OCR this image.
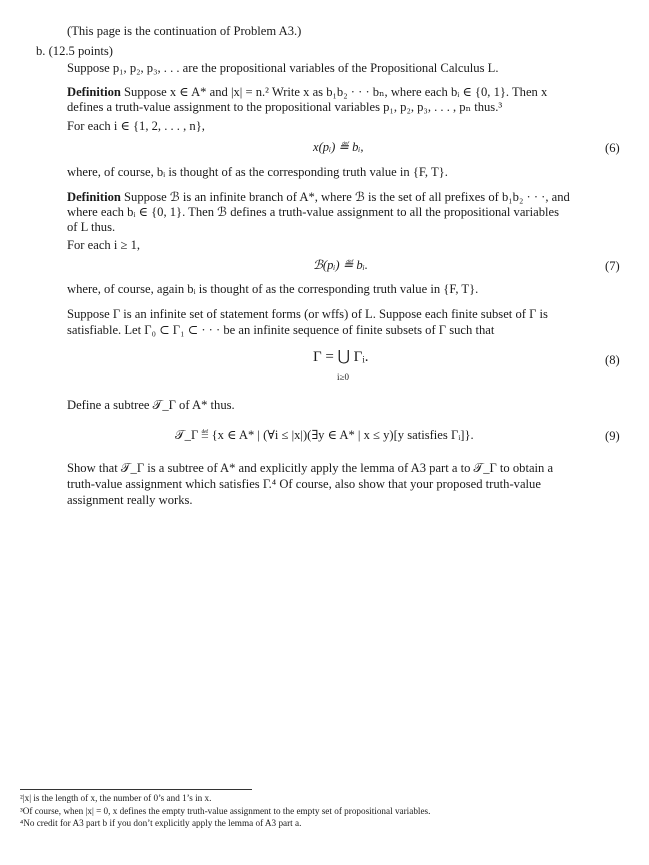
(This page is the continuation of Problem A3.)
b. (12.5 points)
Suppose p₁, p₂, p₃, . . . are the propositional variables of the Propositional Calculus L.
Definition Suppose x ∈ A* and |x| = n.² Write x as b₁b₂ · · · bₙ, where each bᵢ ∈ {0, 1}. Then x
defines a truth-value assignment to the propositional variables p₁, p₂, p₃, . . . , pₙ thus.³
For each i ∈ {1, 2, . . . , n},
x(pᵢ) ≝ bᵢ,	(6)
where, of course, bᵢ is thought of as the corresponding truth value in {F, T}.
Definition Suppose ℬ is an infinite branch of A*, where ℬ is the set of all prefixes of b₁b₂ · · ·, and
where each bᵢ ∈ {0, 1}. Then ℬ defines a truth-value assignment to all the propositional variables
of L thus.
For each i ≥ 1,
ℬ(pᵢ) ≝ bᵢ.	(7)
where, of course, again bᵢ is thought of as the corresponding truth value in {F, T}.
Suppose Γ is an infinite set of statement forms (or wffs) of L. Suppose each finite subset of Γ is
satisfiable. Let Γ₀ ⊂ Γ₁ ⊂ · · · be an infinite sequence of finite subsets of Γ such that
Γ = ⋃ Γᵢ.
i≥0
(8)
Define a subtree 𝒯_Γ of A* thus.
𝒯_Γ ≝ {x ∈ A* | (∀i ≤ |x|)(∃y ∈ A* | x ≤ y)[y satisfies Γᵢ]}.	(9)
Show that 𝒯_Γ is a subtree of A* and explicitly apply the lemma of A3 part a to 𝒯_Γ to obtain a
truth-value assignment which satisfies Γ.⁴ Of course, also show that your proposed truth-value
assignment really works.
²|x| is the length of x, the number of 0’s and 1’s in x.
³Of course, when |x| = 0, x defines the empty truth-value assignment to the empty set of propositional variables.
⁴No credit for A3 part b if you don’t explicitly apply the lemma of A3 part a.
